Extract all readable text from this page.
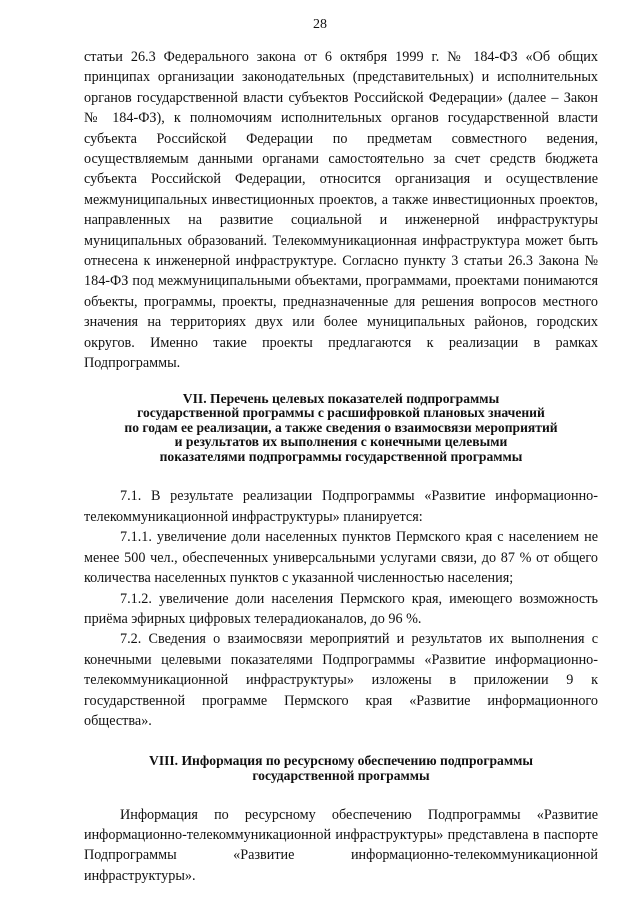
28

статьи 26.3 Федерального закона от 6 октября 1999 г. № 184-ФЗ «Об общих принципах организации законодательных (представительных) и исполнительных органов государственной власти субъектов Российской Федерации» (далее – Закон № 184-ФЗ), к полномочиям исполнительных органов государственной власти субъекта Российской Федерации по предметам совместного ведения, осуществляемым данными органами самостоятельно за счет средств бюджета субъекта Российской Федерации, относится организация и осуществление межмуниципальных инвестиционных проектов, а также инвестиционных проектов, направленных на развитие социальной и инженерной инфраструктуры муниципальных образований. Телекоммуникационная инфраструктура может быть отнесена к инженерной инфраструктуре. Согласно пункту 3 статьи 26.3 Закона № 184-ФЗ под межмуниципальными объектами, программами, проектами понимаются объекты, программы, проекты, предназначенные для решения вопросов местного значения на территориях двух или более муниципальных районов, городских округов. Именно такие проекты предлагаются к реализации в рамках Подпрограммы.

VII. Перечень целевых показателей подпрограммы
государственной программы с расшифровкой плановых значений
по годам ее реализации, а также сведения о взаимосвязи мероприятий
и результатов их выполнения с конечными целевыми
показателями подпрограммы государственной программы

7.1. В результате реализации Подпрограммы «Развитие информационно-телекоммуникационной инфраструктуры» планируется:

7.1.1. увеличение доли населенных пунктов Пермского края с населением не менее 500 чел., обеспеченных универсальными услугами связи, до 87 % от общего количества населенных пунктов с указанной численностью населения;

7.1.2. увеличение доли населения Пермского края, имеющего возможность приёма эфирных цифровых телерадиоканалов, до 96 %.

7.2. Сведения о взаимосвязи мероприятий и результатов их выполнения с конечными целевыми показателями Подпрограммы «Развитие информационно-телекоммуникационной инфраструктуры» изложены в приложении 9 к государственной программе Пермского края «Развитие информационного общества».

VIII. Информация по ресурсному обеспечению подпрограммы
государственной программы

Информация по ресурсному обеспечению Подпрограммы «Развитие информационно-телекоммуникационной инфраструктуры» представлена в паспорте Подпрограммы «Развитие информационно-телекоммуникационной инфраструктуры».
